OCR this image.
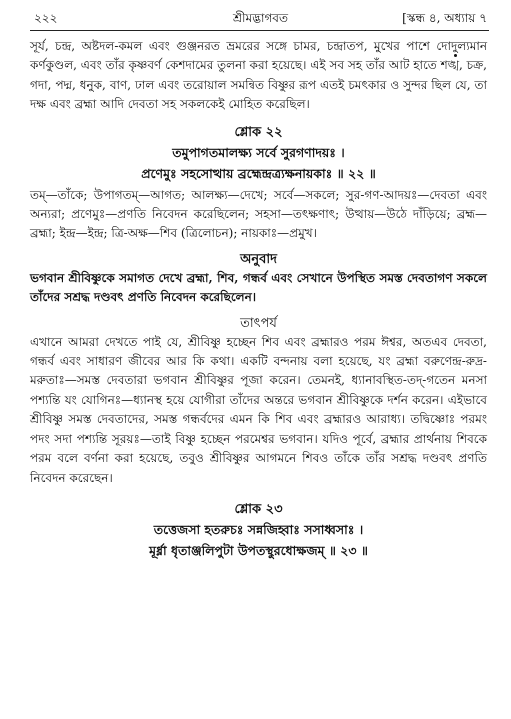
২২২	শ্রীমদ্ভাগবত	[স্কন্ধ ৪, অধ্যায় ৭

সূর্য, চন্দ্র, অষ্টদল-কমল এবং গুঞ্জনরত ভ্রমরের সঙ্গে চামর, চন্দ্রাতপ, মুখের পাশে দোদুল্যমান কর্ণকুণ্ডল, এবং তাঁর কৃষ্ণবর্ণ কেশদামের তুলনা করা হয়েছে। এই সব সহ তাঁর আট হাতে শঙ্খ, চক্র, গদা, পদ্ম, ধনুক, বাণ, ঢাল এবং তরোয়াল সমন্বিত বিষ্ণুর রূপ এতই চমৎকার ও সুন্দর ছিল যে, তা দক্ষ এবং ব্রহ্মা আদি দেবতা সহ সকলকেই মোহিত করেছিল।

শ্লোক ২২

তমুপাগতমালক্ষ্য সর্বে সুরগণাদয়ঃ ।

প্রণেমুঃ সহসোত্থায় ব্রহ্মেন্দ্রত্র্যক্ষনায়কাঃ ॥ ২২ ॥

তম্—তাঁকে; উপাগতম্—আগত; আলক্ষ্য—দেখে; সর্বে—সকলে; সুর-গণ-আদয়ঃ—দেবতা এবং অন্যরা; প্রণেমুঃ—প্রণতি নিবেদন করেছিলেন; সহসা—তৎক্ষণাৎ; উত্থায়—উঠে দাঁড়িয়ে; ব্রহ্ম—ব্রহ্মা; ইন্দ্র—ইন্দ্র; ত্রি-অক্ষ—শিব (ত্রিলোচন); নায়কাঃ—প্রমুখ।

অনুবাদ

ভগবান শ্রীবিষ্ণুকে সমাগত দেখে ব্রহ্মা, শিব, গন্ধর্ব এবং সেখানে উপস্থিত সমস্ত দেবতাগণ সকলে তাঁদের সশ্রদ্ধ দণ্ডবৎ প্রণতি নিবেদন করেছিলেন।

তাৎপর্য

এখানে আমরা দেখতে পাই যে, শ্রীবিষ্ণু হচ্ছেন শিব এবং ব্রহ্মারও পরম ঈশ্বর, অতএব দেবতা, গন্ধর্ব এবং সাধারণ জীবের আর কি কথা। একটি বন্দনায় বলা হয়েছে, যং ব্রহ্মা বরুণেন্দ্র-রুদ্র-মরুতাঃ—সমস্ত দেবতারা ভগবান শ্রীবিষ্ণুর পূজা করেন। তেমনই, ধ্যানাবস্থিত-তদ্-গতেন মনসা পশ্যন্তি যং যোগিনঃ—ধ্যানস্থ হয়ে যোগীরা তাঁদের অন্তরে ভগবান শ্রীবিষ্ণুকে দর্শন করেন। এইভাবে শ্রীবিষ্ণু সমস্ত দেবতাদের, সমস্ত গন্ধর্বদের এমন কি শিব এবং ব্রহ্মারও আরাধ্য। তদ্বিষ্ণোঃ পরমং পদং সদা পশ্যন্তি সূরয়ঃ—তাই বিষ্ণু হচ্ছেন পরমেশ্বর ভগবান। যদিও পূর্বে, ব্রহ্মার প্রার্থনায় শিবকে পরম বলে বর্ণনা করা হয়েছে, তবুও শ্রীবিষ্ণুর আগমনে শিবও তাঁকে তাঁর সশ্রদ্ধ দণ্ডবৎ প্রণতি নিবেদন করেছেন।

শ্লোক ২৩

তত্তেজসা হতরুচঃ সন্নজিহ্বাঃ সসাধ্বসাঃ ।

মূর্ধ্না ধৃতাঞ্জলিপুটা উপতস্থুরধোক্ষজম্ ॥ ২৩ ॥
